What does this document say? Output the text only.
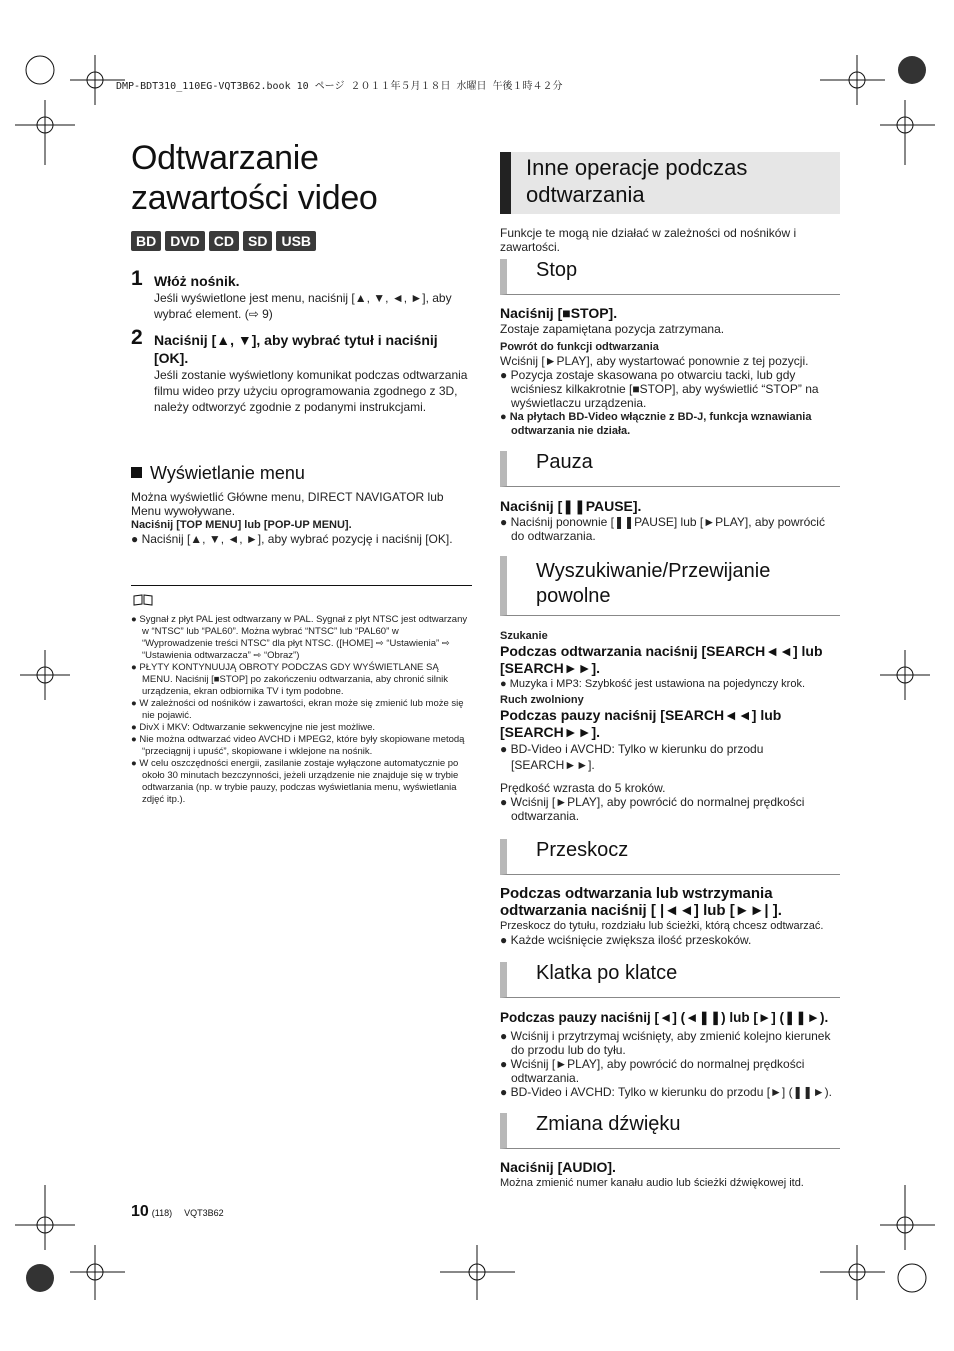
DMP-BDT310_110EG-VQT3B62.book 10 ページ ２０１１年５月１８日 水曜日 午後１時４２分
Odtwarzanie zawartości video
BD	DVD	CD	SD	USB
1 Włóż nośnik.
Jeśli wyświetlone jest menu, naciśnij [▲, ▼, ◄, ►], aby wybrać element. (⇨ 9)
2 Naciśnij [▲, ▼], aby wybrać tytuł i naciśnij [OK].
Jeśli zostanie wyświetlony komunikat podczas odtwarzania filmu wideo przy użyciu oprogramowania zgodnego z 3D, należy odtworzyć zgodnie z podanymi instrukcjami.
Wyświetlanie menu
Można wyświetlić Główne menu, DIRECT NAVIGATOR lub Menu wywoływane.
Naciśnij [TOP MENU] lub [POP-UP MENU].
● Naciśnij [▲, ▼, ◄, ►], aby wybrać pozycję i naciśnij [OK].
● Sygnał z płyt PAL jest odtwarzany w PAL. Sygnał z płyt NTSC jest odtwarzany w “NTSC” lub “PAL60”. Można wybrać “NTSC” lub “PAL60” w “Wyprowadzenie treści NTSC” dla płyt NTSC. ([HOME] ⇨ “Ustawienia” ⇨ “Ustawienia odtwarzacza” ⇨ “Obraz”)
● PŁYTY KONTYNUUJĄ OBROTY PODCZAS GDY WYŚWIETLANE SĄ MENU. Naciśnij [■STOP] po zakończeniu odtwarzania, aby chronić silnik urządzenia, ekran odbiornika TV i tym podobne.
● W zależności od nośników i zawartości, ekran może się zmienić lub może się nie pojawić.
● DivX i MKV: Odtwarzanie sekwencyjne nie jest możliwe.
● Nie można odtwarzać video AVCHD i MPEG2, które były skopiowane metodą “przeciągnij i upuść”, skopiowane i wklejone na nośnik.
● W celu oszczędności energii, zasilanie zostaje wyłączone automatycznie po około 30 minutach bezczynności, jeżeli urządzenie nie znajduje się w trybie odtwarzania (np. w trybie pauzy, podczas wyświetlania menu, wyświetlania zdjęć itp.).
Inne operacje podczas odtwarzania
Funkcje te mogą nie działać w zależności od nośników i zawartości.
Stop
Naciśnij [■STOP].
Zostaje zapamiętana pozycja zatrzymana.
Powrót do funkcji odtwarzania
Wciśnij [►PLAY], aby wystartować ponownie z tej pozycji.
● Pozycja zostaje skasowana po otwarciu tacki, lub gdy wciśniesz kilkakrotnie [■STOP], aby wyświetlić “STOP” na wyświetlaczu urządzenia.
● Na płytach BD-Video włącznie z BD-J, funkcja wznawiania odtwarzania nie działa.
Pauza
Naciśnij [❚❚PAUSE].
● Naciśnij ponownie [❚❚PAUSE] lub [►PLAY], aby powrócić do odtwarzania.
Wyszukiwanie/Przewijanie powolne
Szukanie
Podczas odtwarzania naciśnij [SEARCH◄◄] lub [SEARCH►►].
● Muzyka i MP3: Szybkość jest ustawiona na pojedynczy krok.
Ruch zwolniony
Podczas pauzy naciśnij [SEARCH◄◄] lub [SEARCH►►].
● BD-Video i AVCHD: Tylko w kierunku do przodu [SEARCH►►].
Prędkość wzrasta do 5 kroków.
● Wciśnij [►PLAY], aby powrócić do normalnej prędkości odtwarzania.
Przeskocz
Podczas odtwarzania lub wstrzymania odtwarzania naciśnij [ |◄◄] lub [►►| ].
Przeskocz do tytułu, rozdziału lub ścieżki, którą chcesz odtwarzać.
● Każde wciśnięcie zwiększa ilość przeskoków.
Klatka po klatce
Podczas pauzy naciśnij [◄] (◄❚❚) lub [►] (❚❚►).
● Wciśnij i przytrzymaj wciśnięty, aby zmienić kolejno kierunek do przodu lub do tyłu.
● Wciśnij [►PLAY], aby powrócić do normalnej prędkości odtwarzania.
● BD-Video i AVCHD: Tylko w kierunku do przodu [►] (❚❚►).
Zmiana dźwięku
Naciśnij [AUDIO].
Można zmienić numer kanału audio lub ścieżki dźwiękowej itd.
10 (118) VQT3B62
